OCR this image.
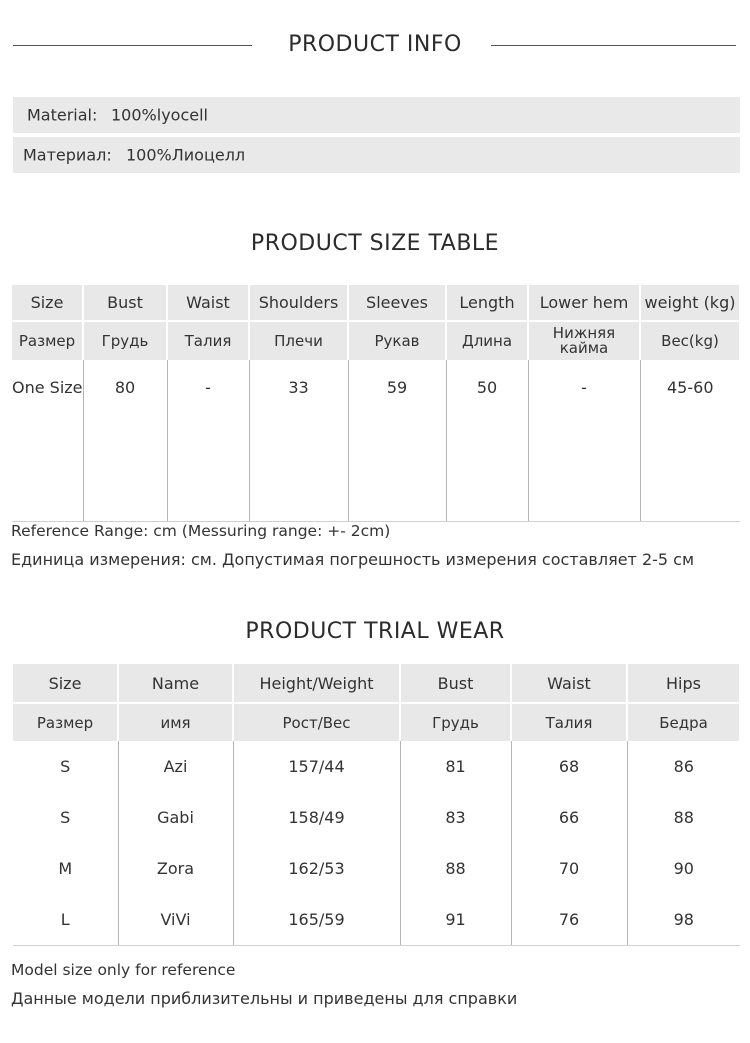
PRODUCT INFO
Material: 100%lyocell
Материал: 100%Лиоцелл
PRODUCT SIZE TABLE
Size	Bust	Waist	Shoulders	Sleeves	Length	Lower hem	weight (kg)
Размер	Грудь	Талия	Плечи	Рукав	Длина	Нижняя кайма	Вес(kg)
One Size	80	-	33	59	50	-	45-60
Reference Range: cm (Messuring range: +- 2cm)
Единица измерения: см. Допустимая погрешность измерения составляет 2-5 см
PRODUCT TRIAL WEAR
Size	Name	Height/Weight	Bust	Waist	Hips
Размер	имя	Рост/Вес	Грудь	Талия	Бедра
S	Azi	157/44	81	68	86
S	Gabi	158/49	83	66	88
M	Zora	162/53	88	70	90
L	ViVi	165/59	91	76	98
Model size only for reference
Данные модели приблизительны и приведены для справки
